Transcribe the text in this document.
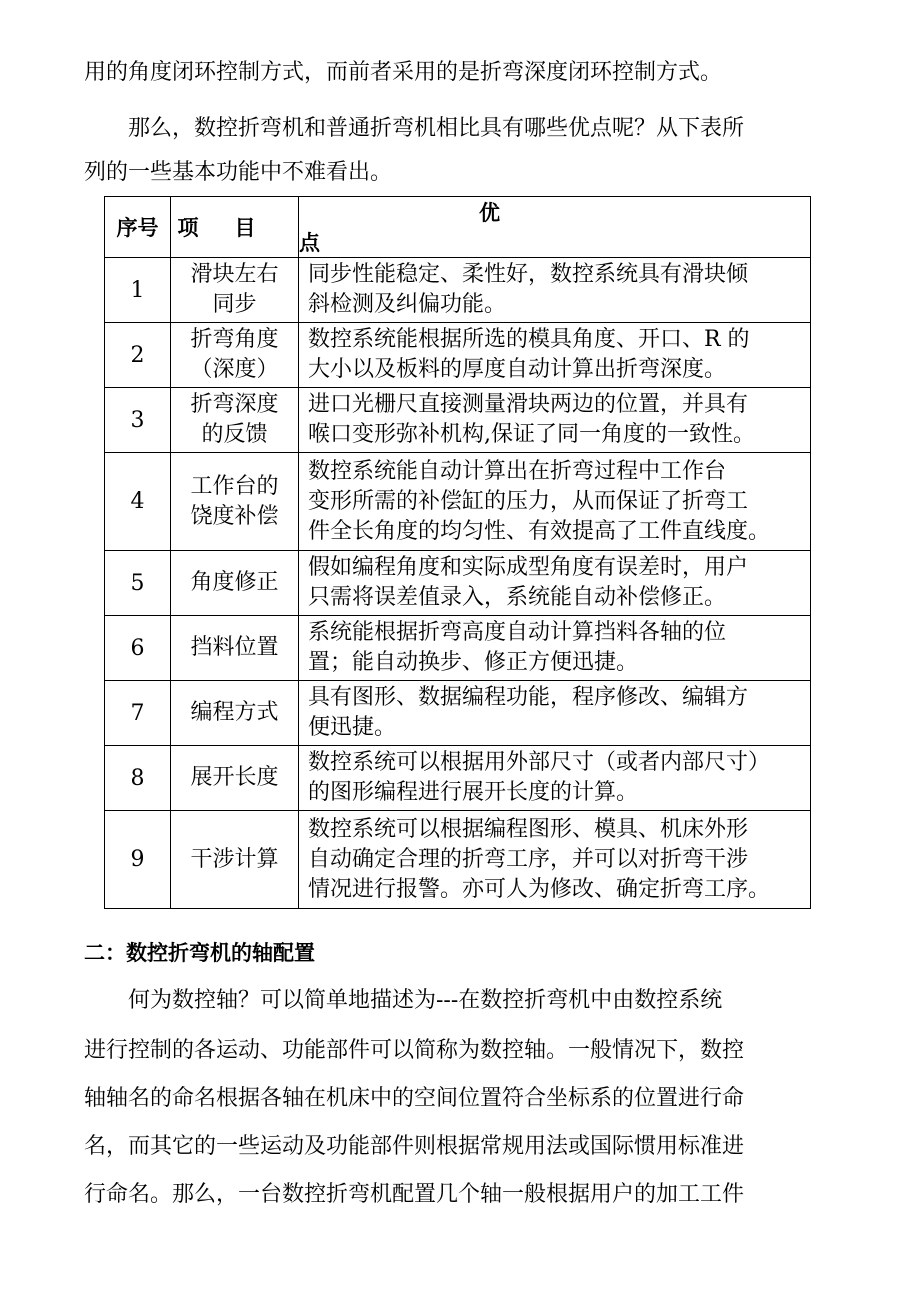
用的角度闭环控制方式，而前者采用的是折弯深度闭环控制方式。
　　那么，数控折弯机和普通折弯机相比具有哪些优点呢？从下表所
列的一些基本功能中不难看出。
序号	项目	优点
1	滑块左右
同步	同步性能稳定、柔性好，数控系统具有滑块倾
斜检测及纠偏功能。

2	折弯角度
（深度）	数控系统能根据所选的模具角度、开口、R 的
大小以及板料的厚度自动计算出折弯深度。

3	折弯深度
的反馈	进口光栅尺直接测量滑块两边的位置，并具有
喉口变形弥补机构,保证了同一角度的一致性。

4	工作台的
饶度补偿	数控系统能自动计算出在折弯过程中工作台
变形所需的补偿缸的压力，从而保证了折弯工
件全长角度的均匀性、有效提高了工件直线度。

5	角度修正	假如编程角度和实际成型角度有误差时，用户
只需将误差值录入，系统能自动补偿修正。

6	挡料位置	系统能根据折弯高度自动计算挡料各轴的位
置；能自动换步、修正方便迅捷。

7	编程方式	具有图形、数据编程功能，程序修改、编辑方
便迅捷。

8	展开长度	数控系统可以根据用外部尺寸（或者内部尺寸）
的图形编程进行展开长度的计算。

9	干涉计算	数控系统可以根据编程图形、模具、机床外形
自动确定合理的折弯工序，并可以对折弯干涉
情况进行报警。亦可人为修改、确定折弯工序。
二：数控折弯机的轴配置
　　何为数控轴？可以简单地描述为---在数控折弯机中由数控系统
进行控制的各运动、功能部件可以简称为数控轴。一般情况下，数控
轴轴名的命名根据各轴在机床中的空间位置符合坐标系的位置进行命
名，而其它的一些运动及功能部件则根据常规用法或国际惯用标准进
行命名。那么，一台数控折弯机配置几个轴一般根据用户的加工工件
